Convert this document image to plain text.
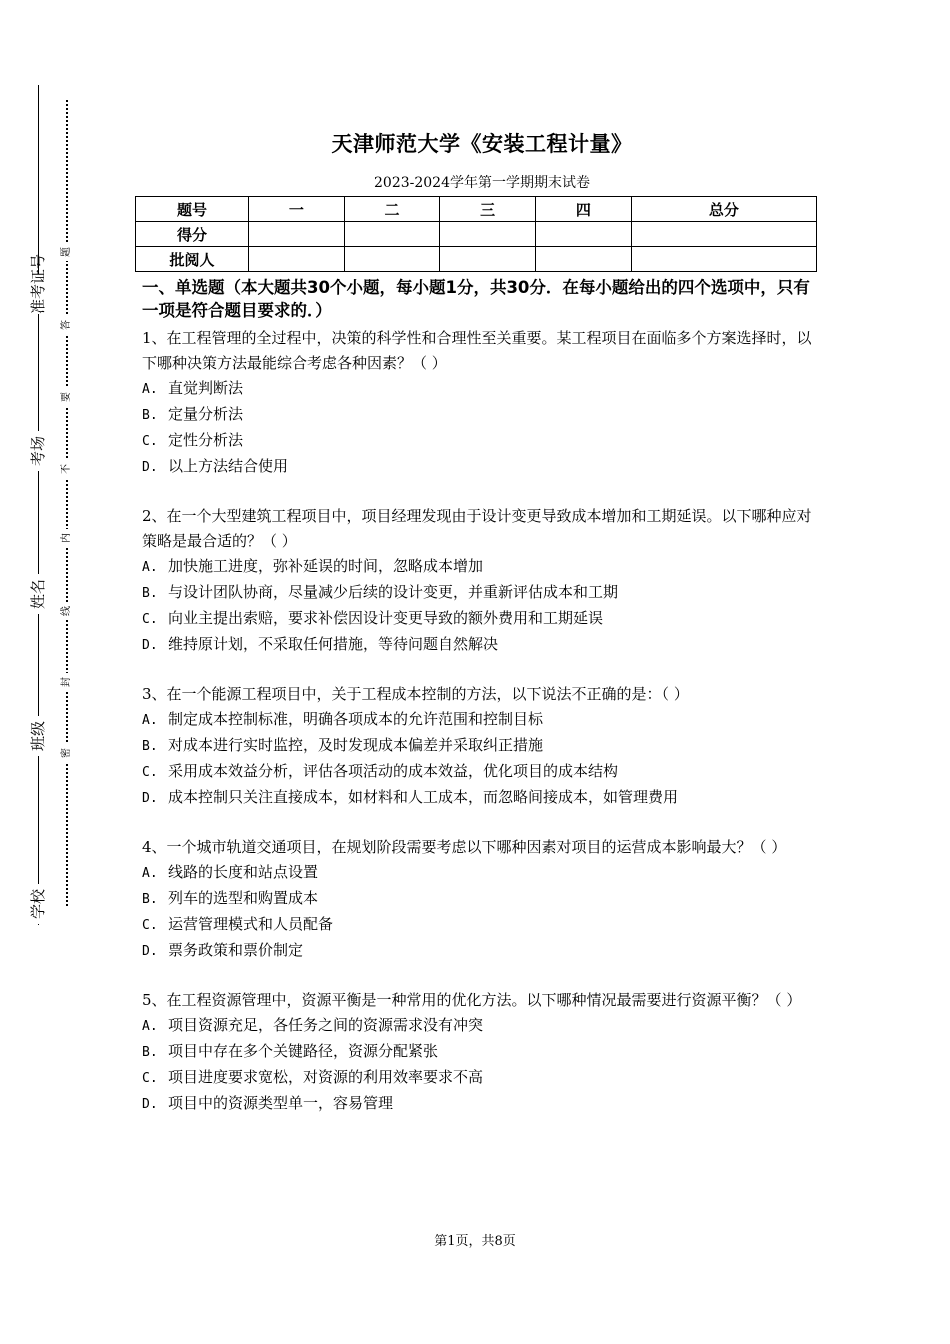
准考证号
考场
姓名
班级
学校
题
答
要
不
内
线
封
密
天津师范大学《安装工程计量》
2023-2024学年第一学期期末试卷
题号	一	二	三	四	总分
得分					
批阅人					
一、单选题（本大题共30个小题，每小题1分，共30分．在每小题给出的四个选项中，只有一项是符合题目要求的．）
1、在工程管理的全过程中，决策的科学性和合理性至关重要。某工程项目在面临多个方案选择时，以下哪种决策方法最能综合考虑各种因素？（ ）
A. 直觉判断法
B. 定量分析法
C. 定性分析法
D. 以上方法结合使用
2、在一个大型建筑工程项目中，项目经理发现由于设计变更导致成本增加和工期延误。以下哪种应对策略是最合适的？（ ）
A. 加快施工进度，弥补延误的时间，忽略成本增加
B. 与设计团队协商，尽量减少后续的设计变更，并重新评估成本和工期
C. 向业主提出索赔，要求补偿因设计变更导致的额外费用和工期延误
D. 维持原计划，不采取任何措施，等待问题自然解决
3、在一个能源工程项目中，关于工程成本控制的方法，以下说法不正确的是：（ ）
A. 制定成本控制标准，明确各项成本的允许范围和控制目标
B. 对成本进行实时监控，及时发现成本偏差并采取纠正措施
C. 采用成本效益分析，评估各项活动的成本效益，优化项目的成本结构
D. 成本控制只关注直接成本，如材料和人工成本，而忽略间接成本，如管理费用
4、一个城市轨道交通项目，在规划阶段需要考虑以下哪种因素对项目的运营成本影响最大？（ ）
A. 线路的长度和站点设置
B. 列车的选型和购置成本
C. 运营管理模式和人员配备
D. 票务政策和票价制定
5、在工程资源管理中，资源平衡是一种常用的优化方法。以下哪种情况最需要进行资源平衡？（ ）
A. 项目资源充足，各任务之间的资源需求没有冲突
B. 项目中存在多个关键路径，资源分配紧张
C. 项目进度要求宽松，对资源的利用效率要求不高
D. 项目中的资源类型单一，容易管理
第1页，共8页
